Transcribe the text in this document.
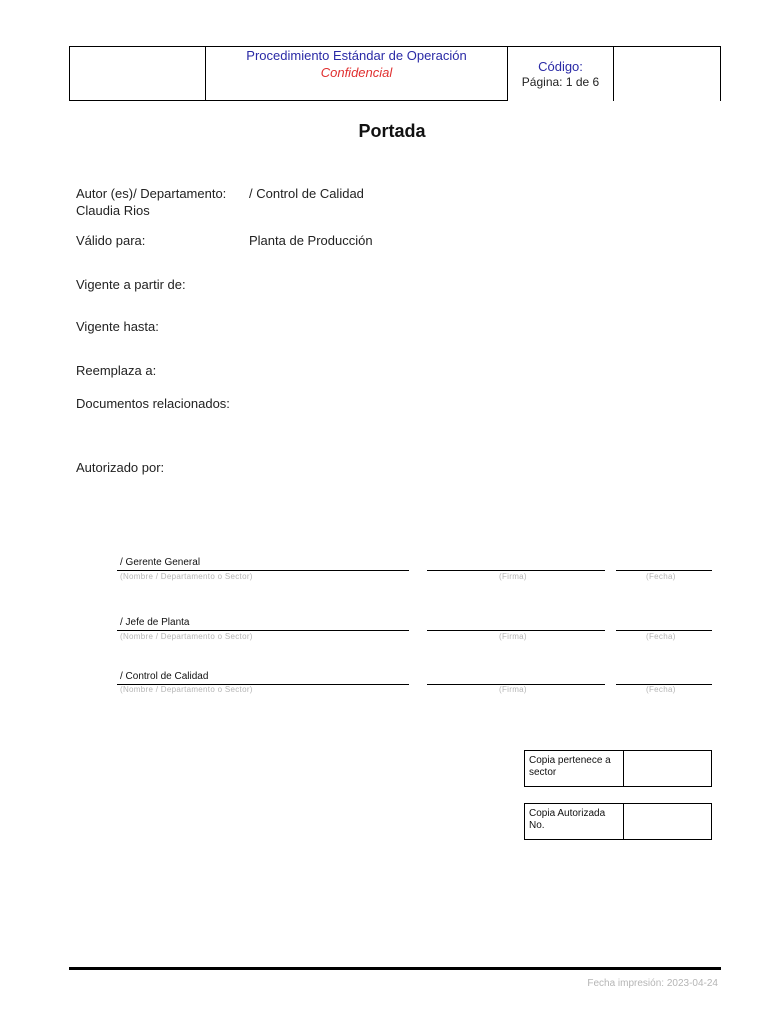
Procedimiento Estándar de Operación
Confidencial	Código:
Página: 1 de 6
Portada
Autor (es)/ Departamento: / Control de Calidad
Claudia Rios
Válido para:	Planta de Producción
Vigente a partir de:
Vigente hasta:
Reemplaza a:
Documentos relacionados:
Autorizado por:
/ Gerente General
(Nombre / Departamento o Sector)	(Firma)	(Fecha)
/ Jefe de Planta
(Nombre / Departamento o Sector)	(Firma)	(Fecha)
/ Control de Calidad
(Nombre / Departamento o Sector)	(Firma)	(Fecha)
Copia pertenece a sector
Copia Autorizada No.
Fecha impresión: 2023-04-24
